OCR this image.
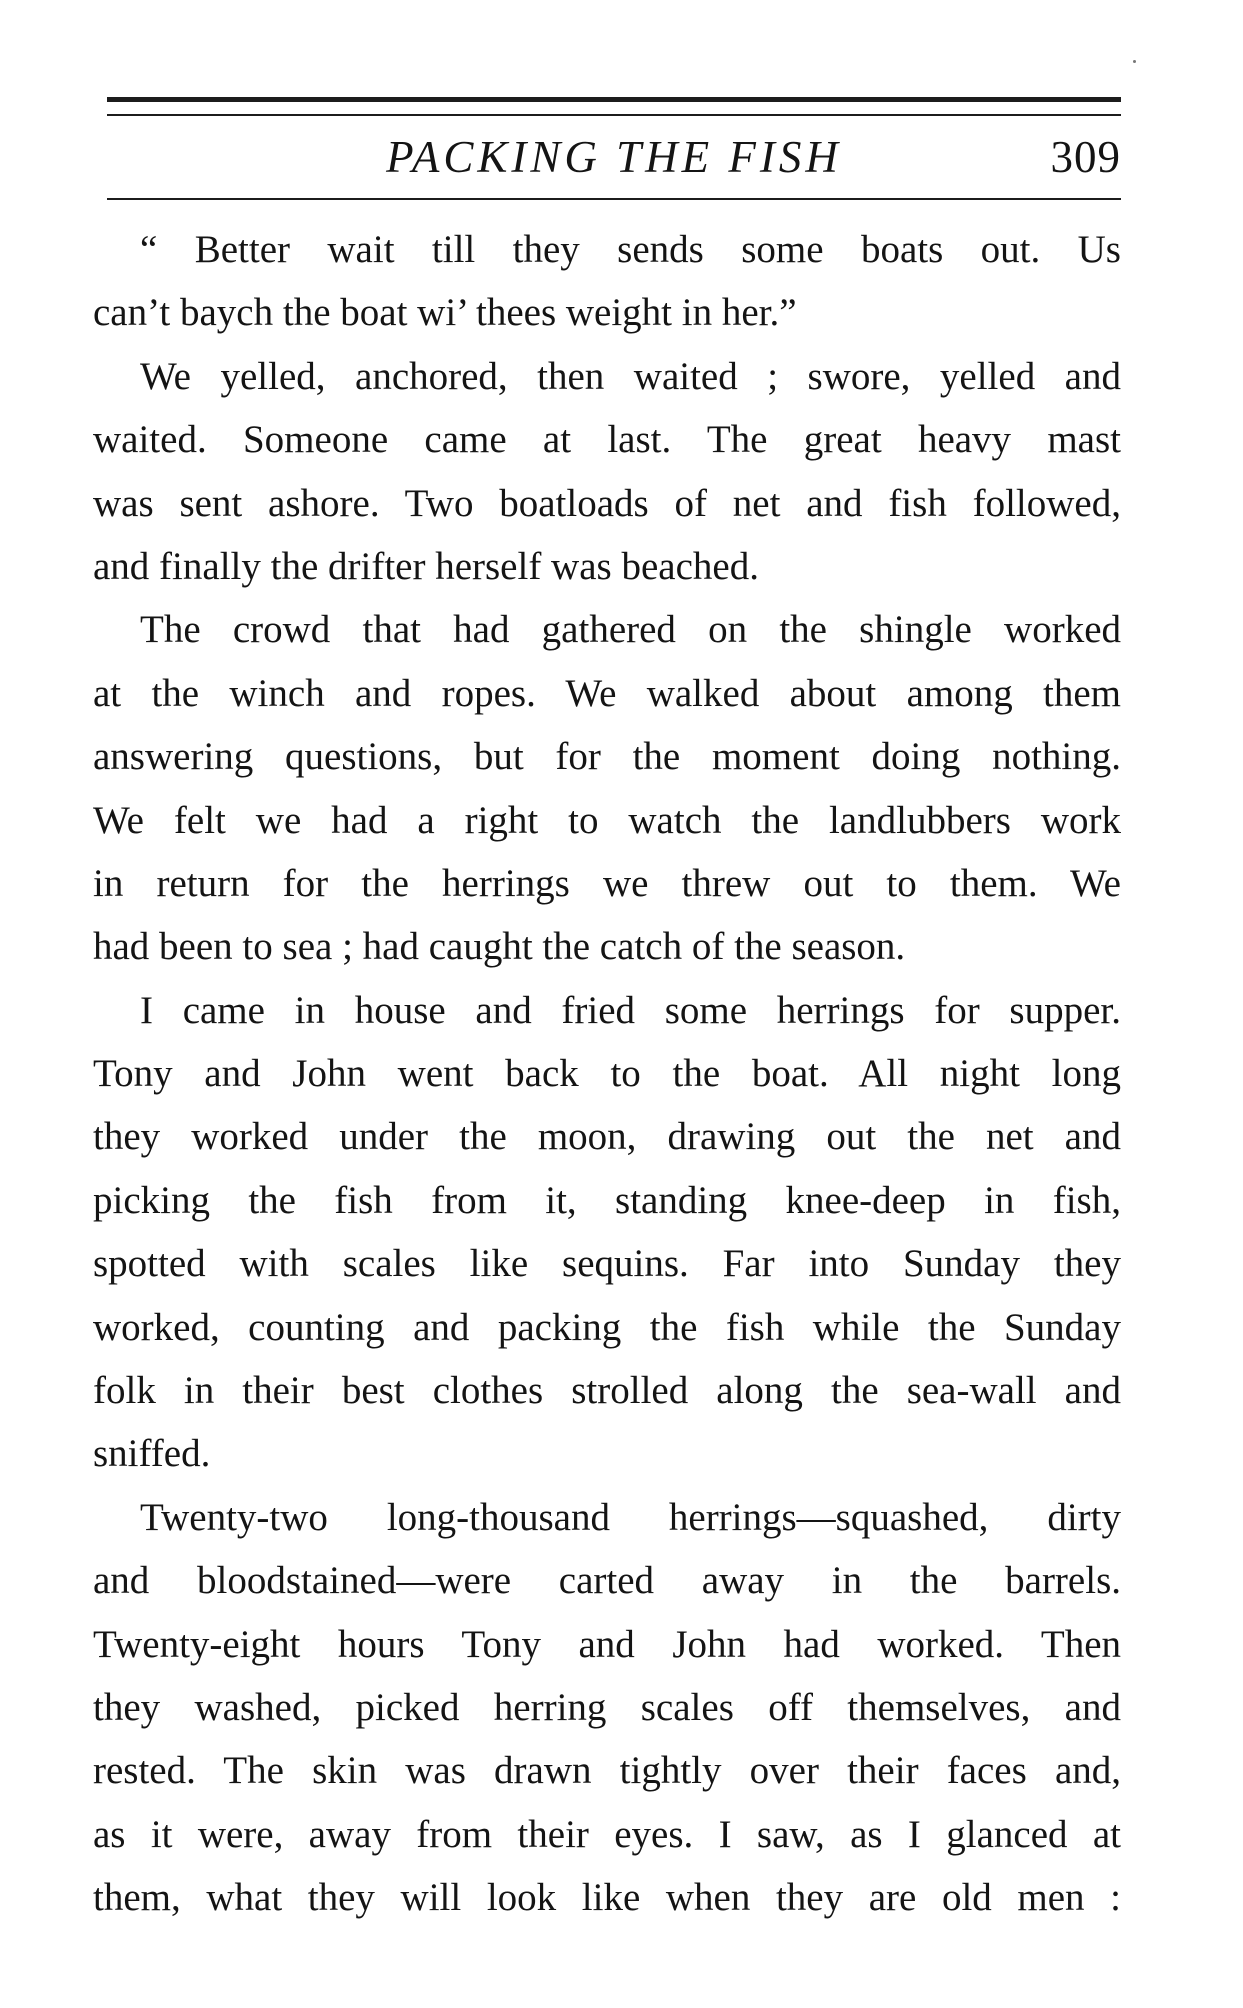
PACKING THE FISH	309
“ Better wait till they sends some boats out. Us
can’t baych the boat wi’ thees weight in her.”
We yelled, anchored, then waited ; swore, yelled and
waited. Someone came at last. The great heavy mast
was sent ashore. Two boatloads of net and fish followed,
and finally the drifter herself was beached.
The crowd that had gathered on the shingle worked
at the winch and ropes. We walked about among them
answering questions, but for the moment doing nothing.
We felt we had a right to watch the landlubbers work
in return for the herrings we threw out to them. We
had been to sea ; had caught the catch of the season.
I came in house and fried some herrings for supper.
Tony and John went back to the boat. All night long
they worked under the moon, drawing out the net and
picking the fish from it, standing knee-deep in fish,
spotted with scales like sequins. Far into Sunday they
worked, counting and packing the fish while the Sunday
folk in their best clothes strolled along the sea-wall and
sniffed.
Twenty-two long-thousand herrings—squashed, dirty
and bloodstained—were carted away in the barrels.
Twenty-eight hours Tony and John had worked. Then
they washed, picked herring scales off themselves, and
rested. The skin was drawn tightly over their faces and,
as it were, away from their eyes. I saw, as I glanced at
them, what they will look like when they are old men :
